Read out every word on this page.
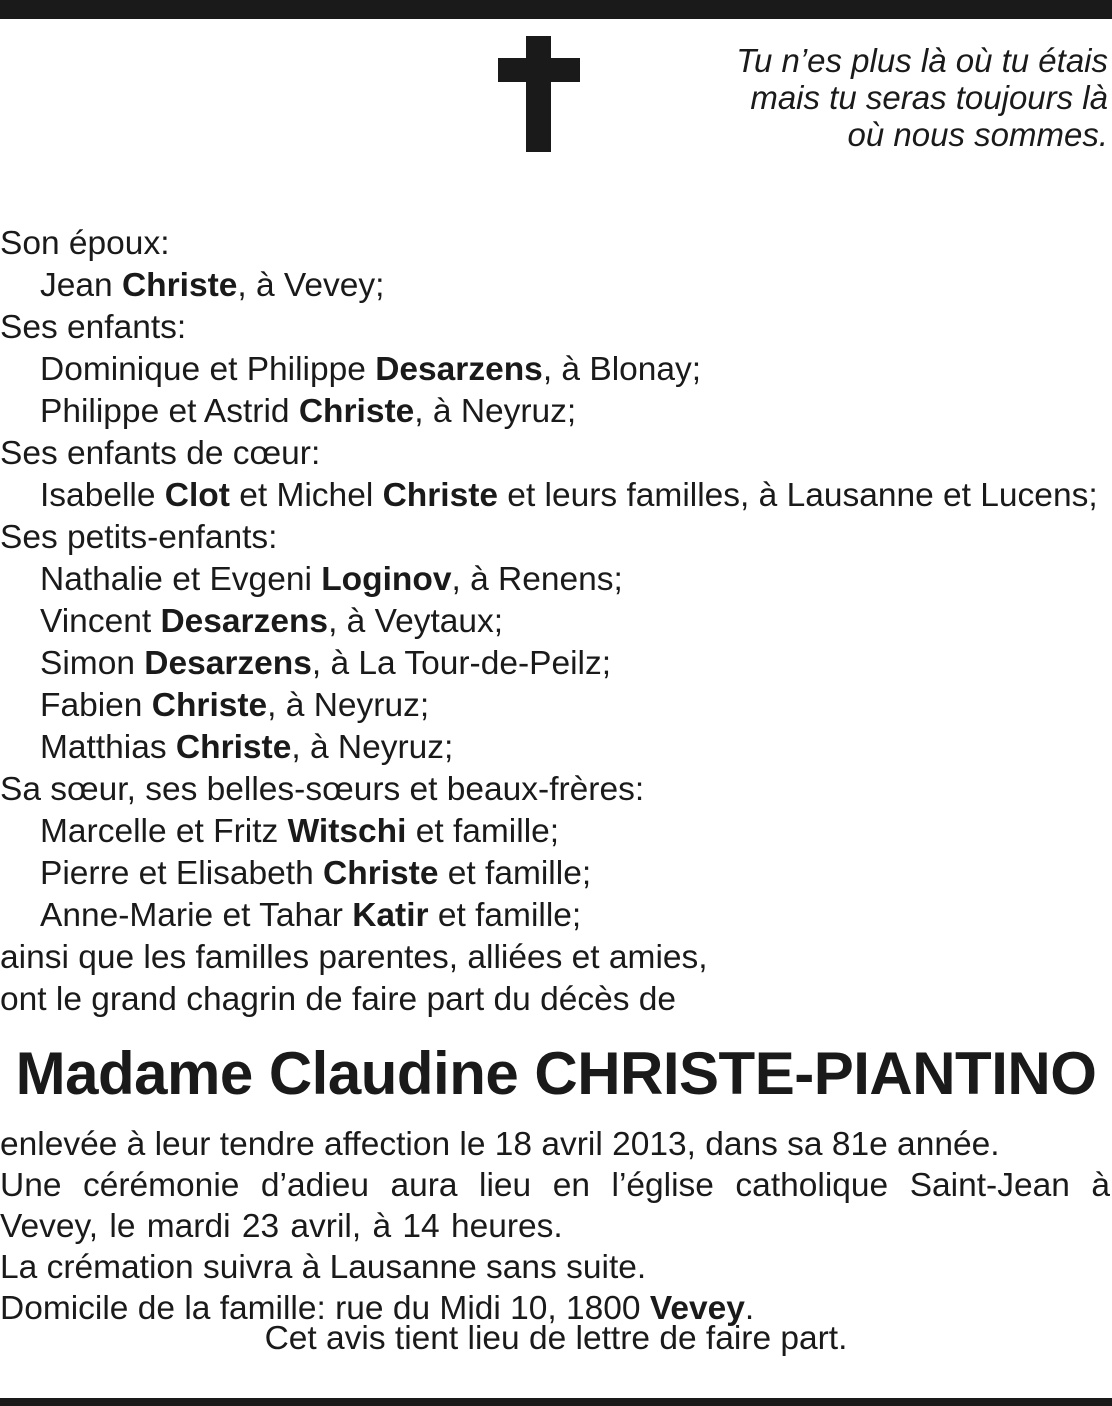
Tu n’es plus là où tu étais
mais tu seras toujours là
où nous sommes.
Son époux:
Jean Christe, à Vevey;
Ses enfants:
Dominique et Philippe Desarzens, à Blonay;
Philippe et Astrid Christe, à Neyruz;
Ses enfants de cœur:
Isabelle Clot et Michel Christe et leurs familles, à Lausanne et Lucens;
Ses petits-enfants:
Nathalie et Evgeni Loginov, à Renens;
Vincent Desarzens, à Veytaux;
Simon Desarzens, à La Tour-de-Peilz;
Fabien Christe, à Neyruz;
Matthias Christe, à Neyruz;
Sa sœur, ses belles-sœurs et beaux-frères:
Marcelle et Fritz Witschi et famille;
Pierre et Elisabeth Christe et famille;
Anne-Marie et Tahar Katir et famille;
ainsi que les familles parentes, alliées et amies,
ont le grand chagrin de faire part du décès de
Madame Claudine CHRISTE-PIANTINO
enlevée à leur tendre affection le 18 avril 2013, dans sa 81e année.
Une cérémonie d’adieu aura lieu en l’église catholique Saint-Jean à Vevey, le mardi 23 avril, à 14 heures.
La crémation suivra à Lausanne sans suite.
Domicile de la famille: rue du Midi 10, 1800 Vevey.
Cet avis tient lieu de lettre de faire part.
